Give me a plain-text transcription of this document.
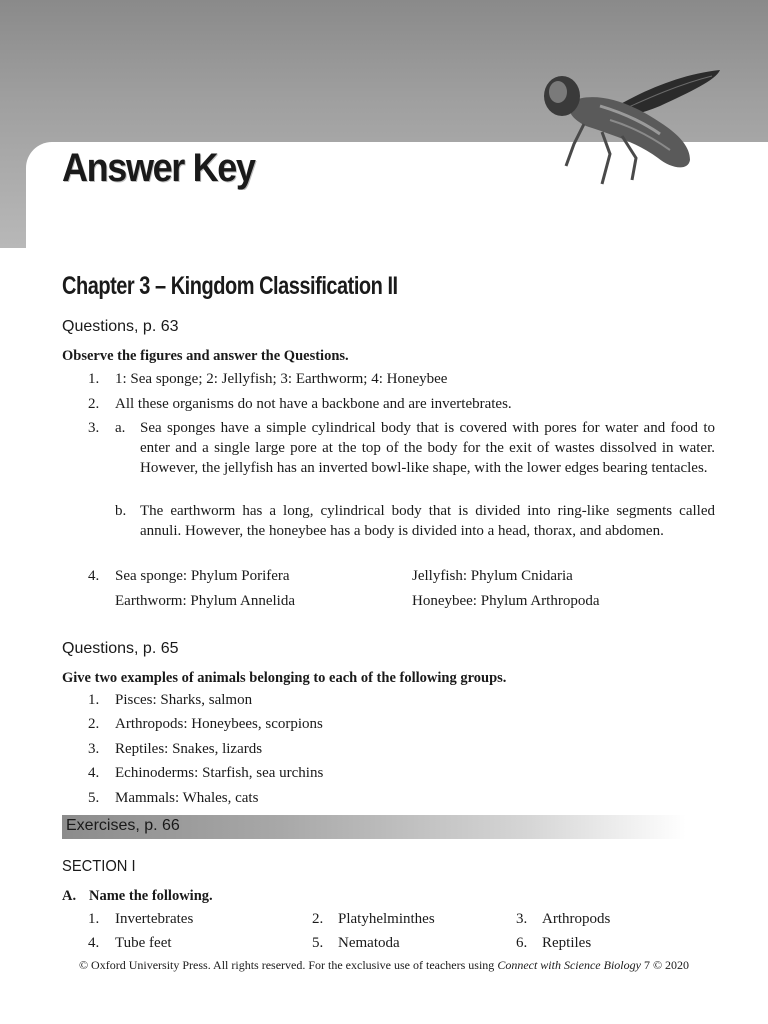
Answer Key
Chapter 3 – Kingdom Classification II
Questions, p. 63

Observe the figures and answer the Questions.

1. 1: Sea sponge; 2: Jellyfish; 3: Earthworm; 4: Honeybee

2. All these organisms do not have a backbone and are invertebrates.

3. a. Sea sponges have a simple cylindrical body that is covered with pores for water and food to enter and a single large pore at the top of the body for the exit of wastes dissolved in water. However, the jellyfish has an inverted bowl-like shape, with the lower edges bearing tentacles.

b. The earthworm has a long, cylindrical body that is divided into ring-like segments called annuli. However, the honeybee has a body is divided into a head, thorax, and abdomen.

4. Sea sponge: Phylum Porifera	Jellyfish: Phylum Cnidaria

Earthworm: Phylum Annelida	Honeybee: Phylum Arthropoda

Questions, p. 65

Give two examples of animals belonging to each of the following groups.

1. Pisces: Sharks, salmon

2. Arthropods: Honeybees, scorpions

3. Reptiles: Snakes, lizards

4. Echinoderms: Starfish, sea urchins

5. Mammals: Whales, cats

Exercises, p. 66
SECTION I

A. Name the following.

1. Invertebrates	2. Platyhelminthes	3. Arthropods

4. Tube feet	5. Nematoda	6. Reptiles

© Oxford University Press. All rights reserved. For the exclusive use of teachers using Connect with Science Biology 7 © 2020
